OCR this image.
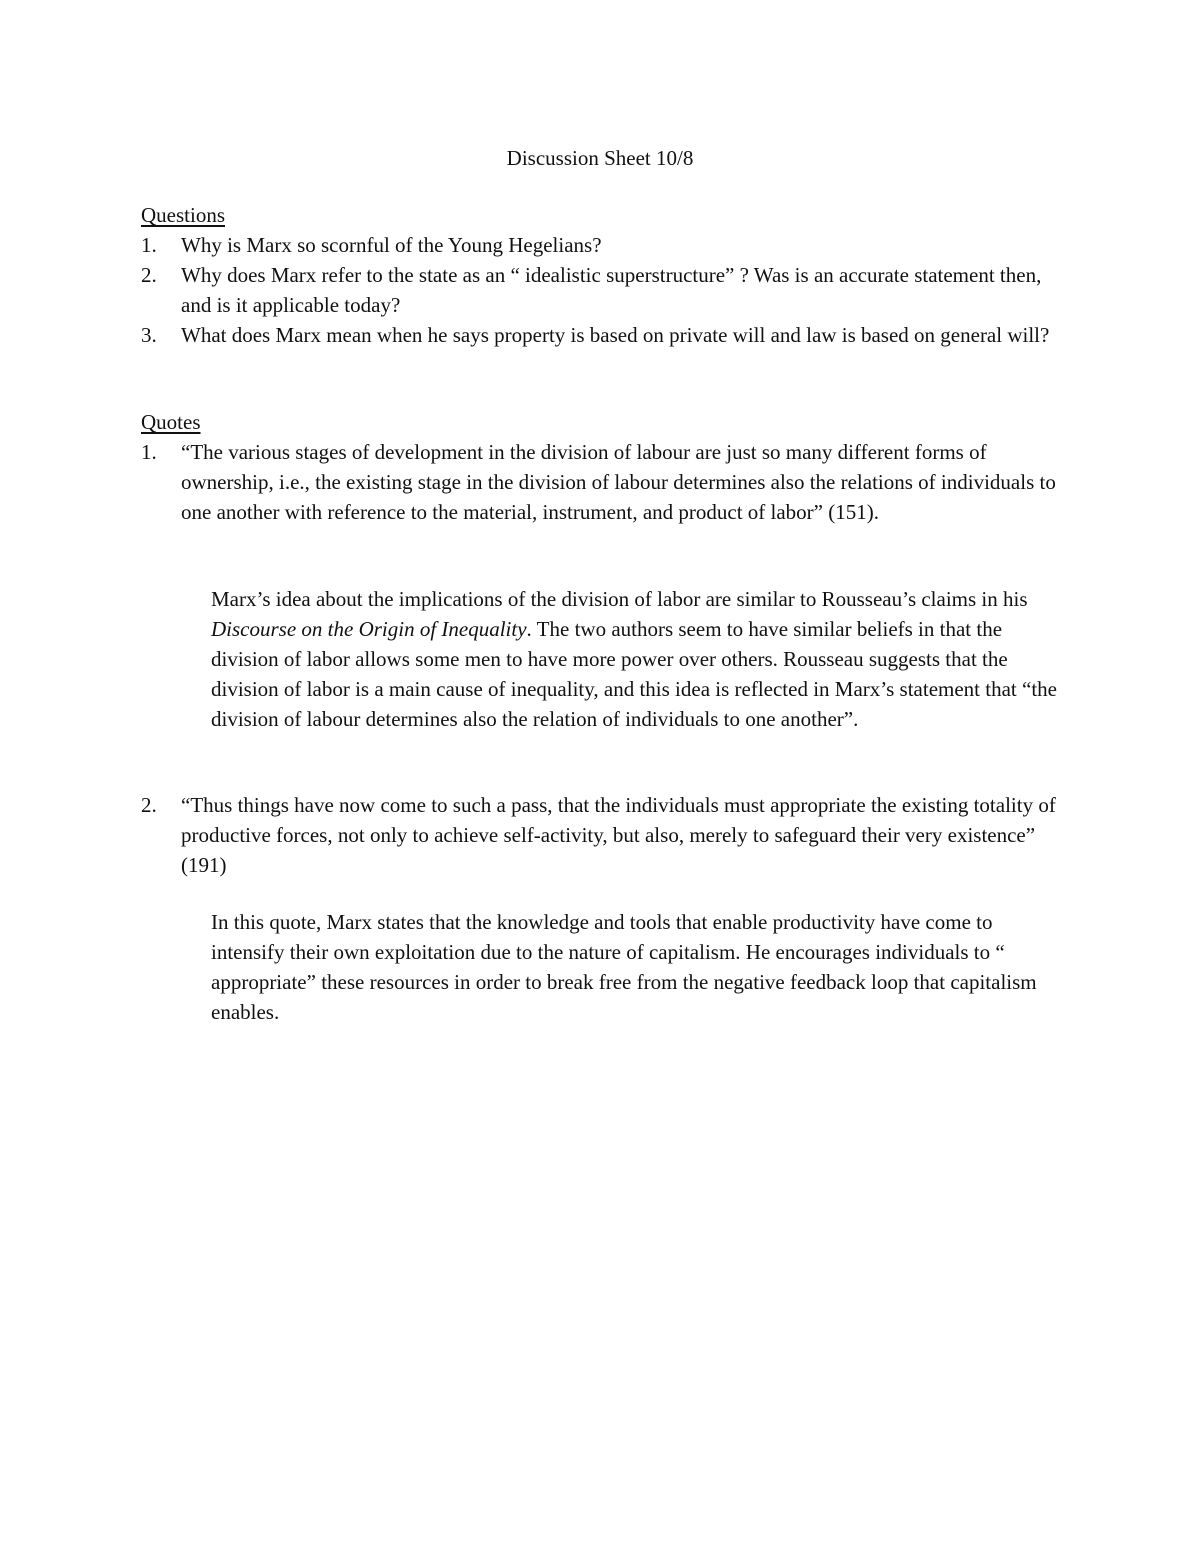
Discussion Sheet 10/8
Questions
1. Why is Marx so scornful of the Young Hegelians?
2. Why does Marx refer to the state as an “ idealistic superstructure” ? Was is an accurate statement then, and is it applicable today?
3. What does Marx mean when he says property is based on private will and law is based on general will?
Quotes
1. “The various stages of development in the division of labour are just so many different forms of ownership, i.e., the existing stage in the division of labour determines also the relations of individuals to one another with reference to the material, instrument, and product of labor” (151).

Marx’s idea about the implications of the division of labor are similar to Rousseau’s claims in his Discourse on the Origin of Inequality. The two authors seem to have similar beliefs in that the division of labor allows some men to have more power over others. Rousseau suggests that the division of labor is a main cause of inequality, and this idea is reflected in Marx’s statement that “the division of labour determines also the relation of individuals to one another”.

2. “Thus things have now come to such a pass, that the individuals must appropriate the existing totality of productive forces, not only to achieve self-activity, but also, merely to safeguard their very existence” (191)

In this quote, Marx states that the knowledge and tools that enable productivity have come to intensify their own exploitation due to the nature of capitalism. He encourages individuals to “ appropriate” these resources in order to break free from the negative feedback loop that capitalism enables.
